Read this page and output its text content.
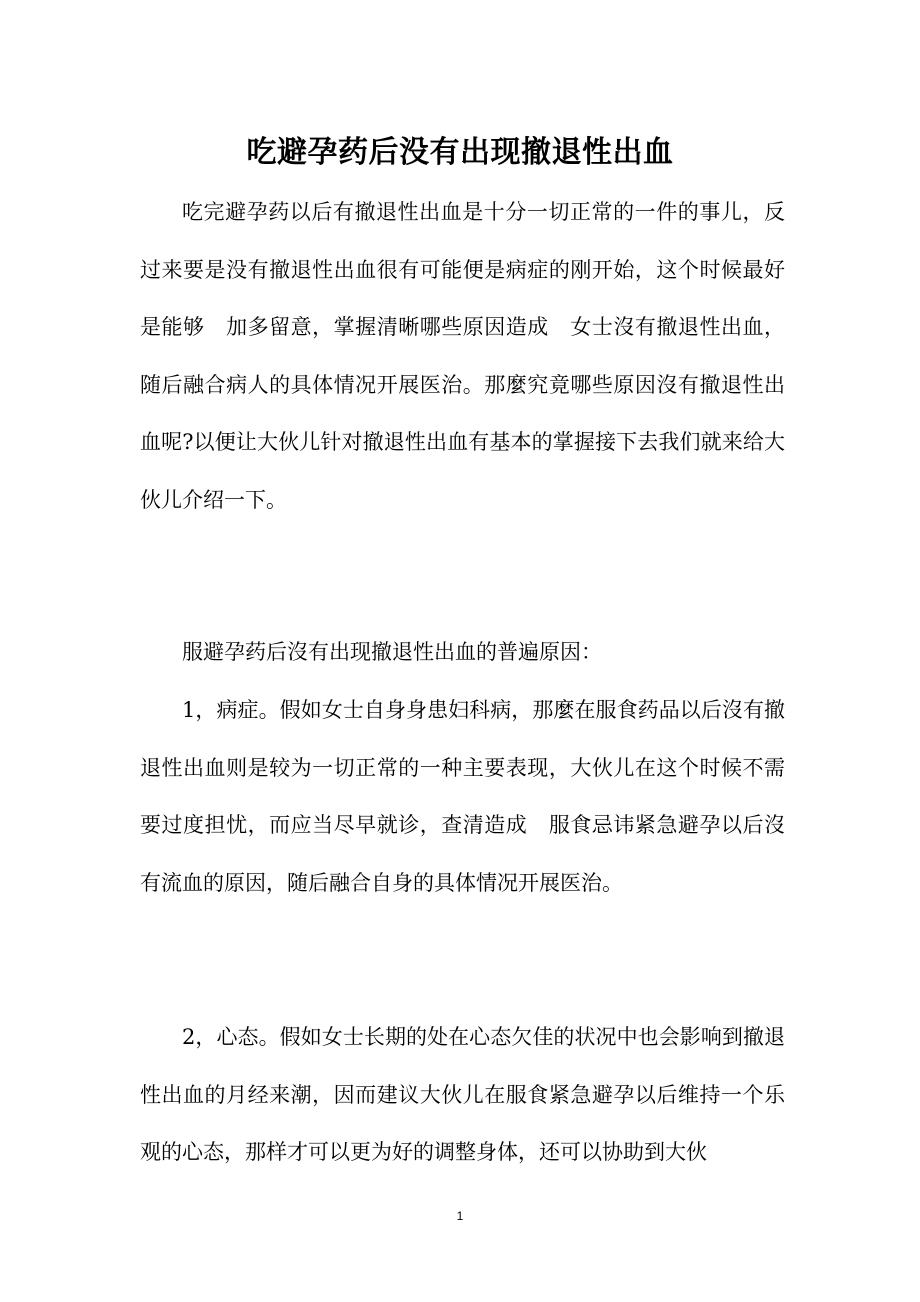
吃避孕药后没有出现撤退性出血

吃完避孕药以后有撤退性出血是十分一切正常的一件的事儿，反过来要是没有撤退性出血很有可能便是病症的刚开始，这个时候最好是能够　加多留意，掌握清晰哪些原因造成　女士沒有撤退性出血，随后融合病人的具体情况开展医治。那麼究竟哪些原因沒有撤退性出血呢?以便让大伙儿针对撤退性出血有基本的掌握接下去我们就来给大伙儿介绍一下。

服避孕药后沒有出现撤退性出血的普遍原因：

1，病症。假如女士自身身患妇科病，那麼在服食药品以后沒有撤退性出血则是较为一切正常的一种主要表现，大伙儿在这个时候不需要过度担忧，而应当尽早就诊，查清造成　服食忌讳紧急避孕以后沒有流血的原因，随后融合自身的具体情况开展医治。

2，心态。假如女士长期的处在心态欠佳的状况中也会影响到撤退性出血的月经来潮，因而建议大伙儿在服食紧急避孕以后维持一个乐观的心态，那样才可以更为好的调整身体，还可以协助到大伙

1
